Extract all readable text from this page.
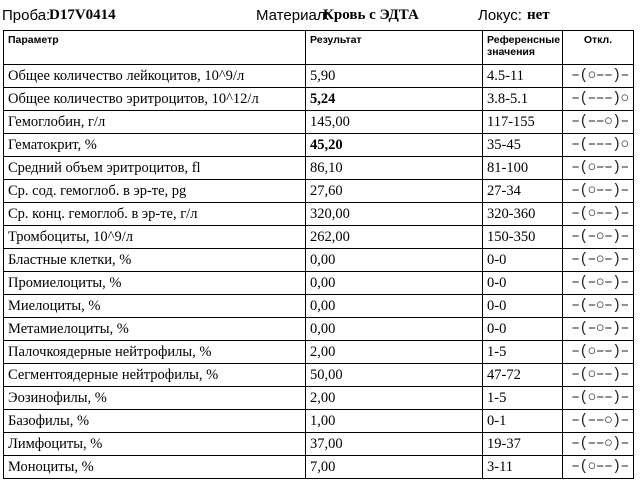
Проба:
D17V0414	Материал:
Кровь с ЭДТА	Локус: нет
Параметр	Результат	Референсные
значения	Откл.
Общее количество лейкоцитов, 10^9/л	5,90	4.5-11	–(○––)–
Общее количество эритроцитов, 10^12/л	5,24	3.8-5.1	–(–––)○
Гемоглобин, г/л	145,00	117-155	–(––○)–
Гематокрит, %	45,20	35-45	–(–––)○
Средний объем эритроцитов, fl	86,10	81-100	–(○––)–
Ср. сод. гемоглоб. в эр-те, pg	27,60	27-34	–(○––)–
Ср. конц. гемоглоб. в эр-те, г/л	320,00	320-360	–(○––)–
Тромбоциты, 10^9/л	262,00	150-350	–(–○–)–
Бластные клетки, %	0,00	0-0	–(–○–)–
Промиелоциты, %	0,00	0-0	–(–○–)–
Миелоциты, %	0,00	0-0	–(–○–)–
Метамиелоциты, %	0,00	0-0	–(–○–)–
Палочкоядерные нейтрофилы, %	2,00	1-5	–(○––)–
Сегментоядерные нейтрофилы, %	50,00	47-72	–(○––)–
Эозинофилы, %	2,00	1-5	–(○––)–
Базофилы, %	1,00	0-1	–(––○)–
Лимфоциты, %	37,00	19-37	–(––○)–
Моноциты, %	7,00	3-11	–(○––)–
